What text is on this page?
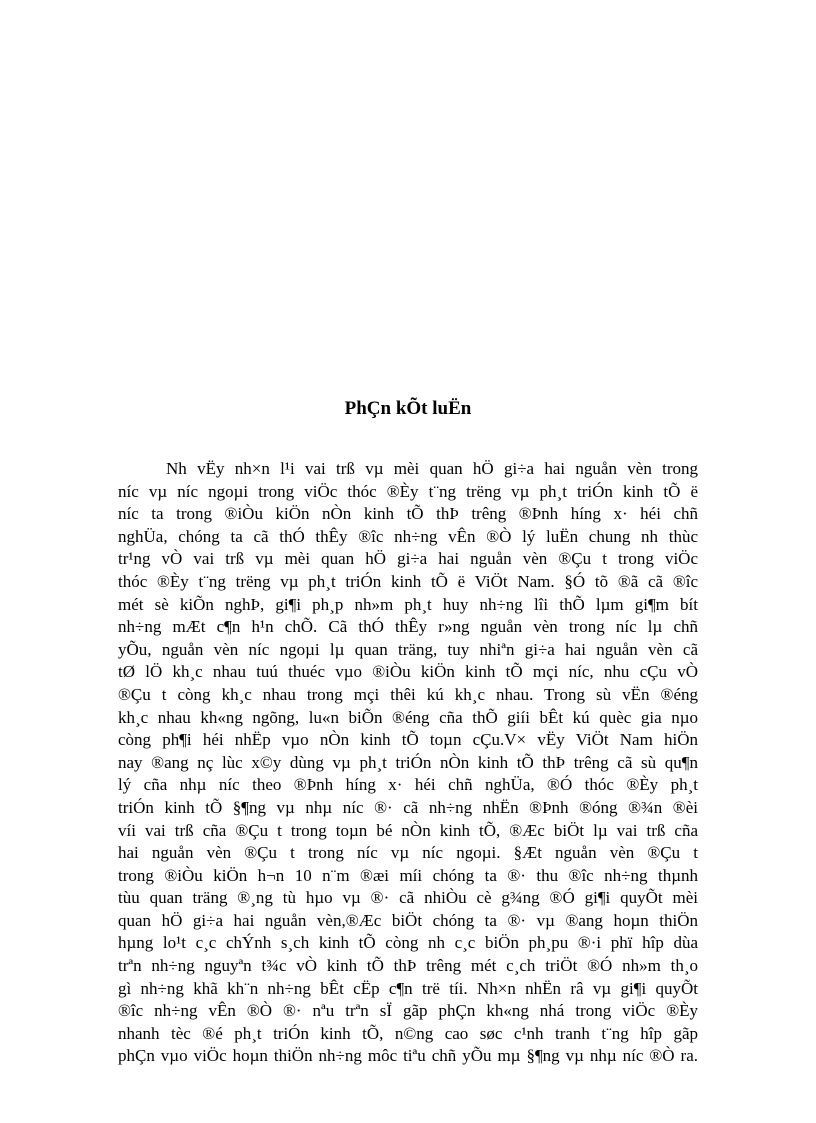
PhÇn kÕt luËn
Nh vËy nh×n l¹i vai trß vµ mèi quan hÖ gi÷a hai nguån vèn trong
níc vµ níc ngoµi trong viÖc thóc ®Èy t¨ng trëng vµ ph¸t triÓn kinh tÕ ë
níc ta trong ®iÒu kiÖn nÒn kinh tÕ thÞ trêng ®Þnh híng x· héi chñ
nghÜa, chóng ta cã thÓ thÊy ®îc nh÷ng vÊn ®Ò lý luËn chung nh thùc
tr¹ng vÒ vai trß vµ mèi quan hÖ gi÷a hai nguån vèn ®Çu t trong viÖc
thóc ®Èy t¨ng trëng vµ ph¸t triÓn kinh tÕ ë ViÖt Nam. §Ó tõ ®ã cã ®îc
mét sè kiÕn nghÞ, gi¶i ph¸p nh»m ph¸t huy nh÷ng lîi thÕ lµm gi¶m bít
nh÷ng mÆt c¶n h¹n chÕ. Cã thÓ thÊy r»ng nguån vèn trong níc lµ chñ
yÕu, nguån vèn níc ngoµi lµ quan träng, tuy nhiªn gi÷a hai nguån vèn cã
tØ lÖ kh¸c nhau tuú thuéc vµo ®iÒu kiÖn kinh tÕ mçi níc, nhu cÇu vÒ
®Çu t còng kh¸c nhau trong mçi thêi kú kh¸c nhau. Trong sù vËn ®éng
kh¸c nhau kh«ng ngõng, lu«n biÕn ®éng cña thÕ giíi bÊt kú quèc gia nµo
còng ph¶i héi nhËp vµo nÒn kinh tÕ toµn cÇu.V× vËy ViÖt Nam hiÖn
nay ®ang nç lùc x©y dùng vµ ph¸t triÓn nÒn kinh tÕ thÞ trêng cã sù qu¶n
lý cña nhµ níc theo ®Þnh híng x· héi chñ nghÜa, ®Ó thóc ®Èy ph¸t
triÓn kinh tÕ §¶ng vµ nhµ níc ®· cã nh÷ng nhËn ®Þnh ®óng ®¾n ®èi
víi vai trß cña ®Çu t trong toµn bé nÒn kinh tÕ, ®Æc biÖt lµ vai trß cña
hai nguån vèn ®Çu t trong níc vµ níc ngoµi. §Æt nguån vèn ®Çu t
trong ®iÒu kiÖn h¬n 10 n¨m ®æi míi chóng ta ®· thu ®îc nh÷ng thµnh
tùu quan träng ®¸ng tù hµo vµ ®· cã nhiÒu cè g¾ng ®Ó gi¶i quyÕt mèi
quan hÖ gi÷a hai nguån vèn,®Æc biÖt chóng ta ®· vµ ®ang hoµn thiÖn
hµng lo¹t c¸c chÝnh s¸ch kinh tÕ còng nh c¸c biÖn ph¸pu ®·i phï hîp dùa
trªn nh÷ng nguyªn t¾c vÒ kinh tÕ thÞ trêng mét c¸ch triÖt ®Ó nh»m th¸o
gì nh÷ng khã kh¨n nh÷ng bÊt cËp c¶n trë tíi. Nh×n nhËn râ vµ gi¶i quyÕt
®îc nh÷ng vÊn ®Ò ®· nªu trªn sÏ gãp phÇn kh«ng nhá trong viÖc ®Èy
nhanh tèc ®é ph¸t triÓn kinh tÕ, n©ng cao søc c¹nh tranh t¨ng hîp gãp
phÇn vµo viÖc hoµn thiÖn nh÷ng môc tiªu chñ yÕu mµ §¶ng vµ nhµ níc ®Ò ra.
